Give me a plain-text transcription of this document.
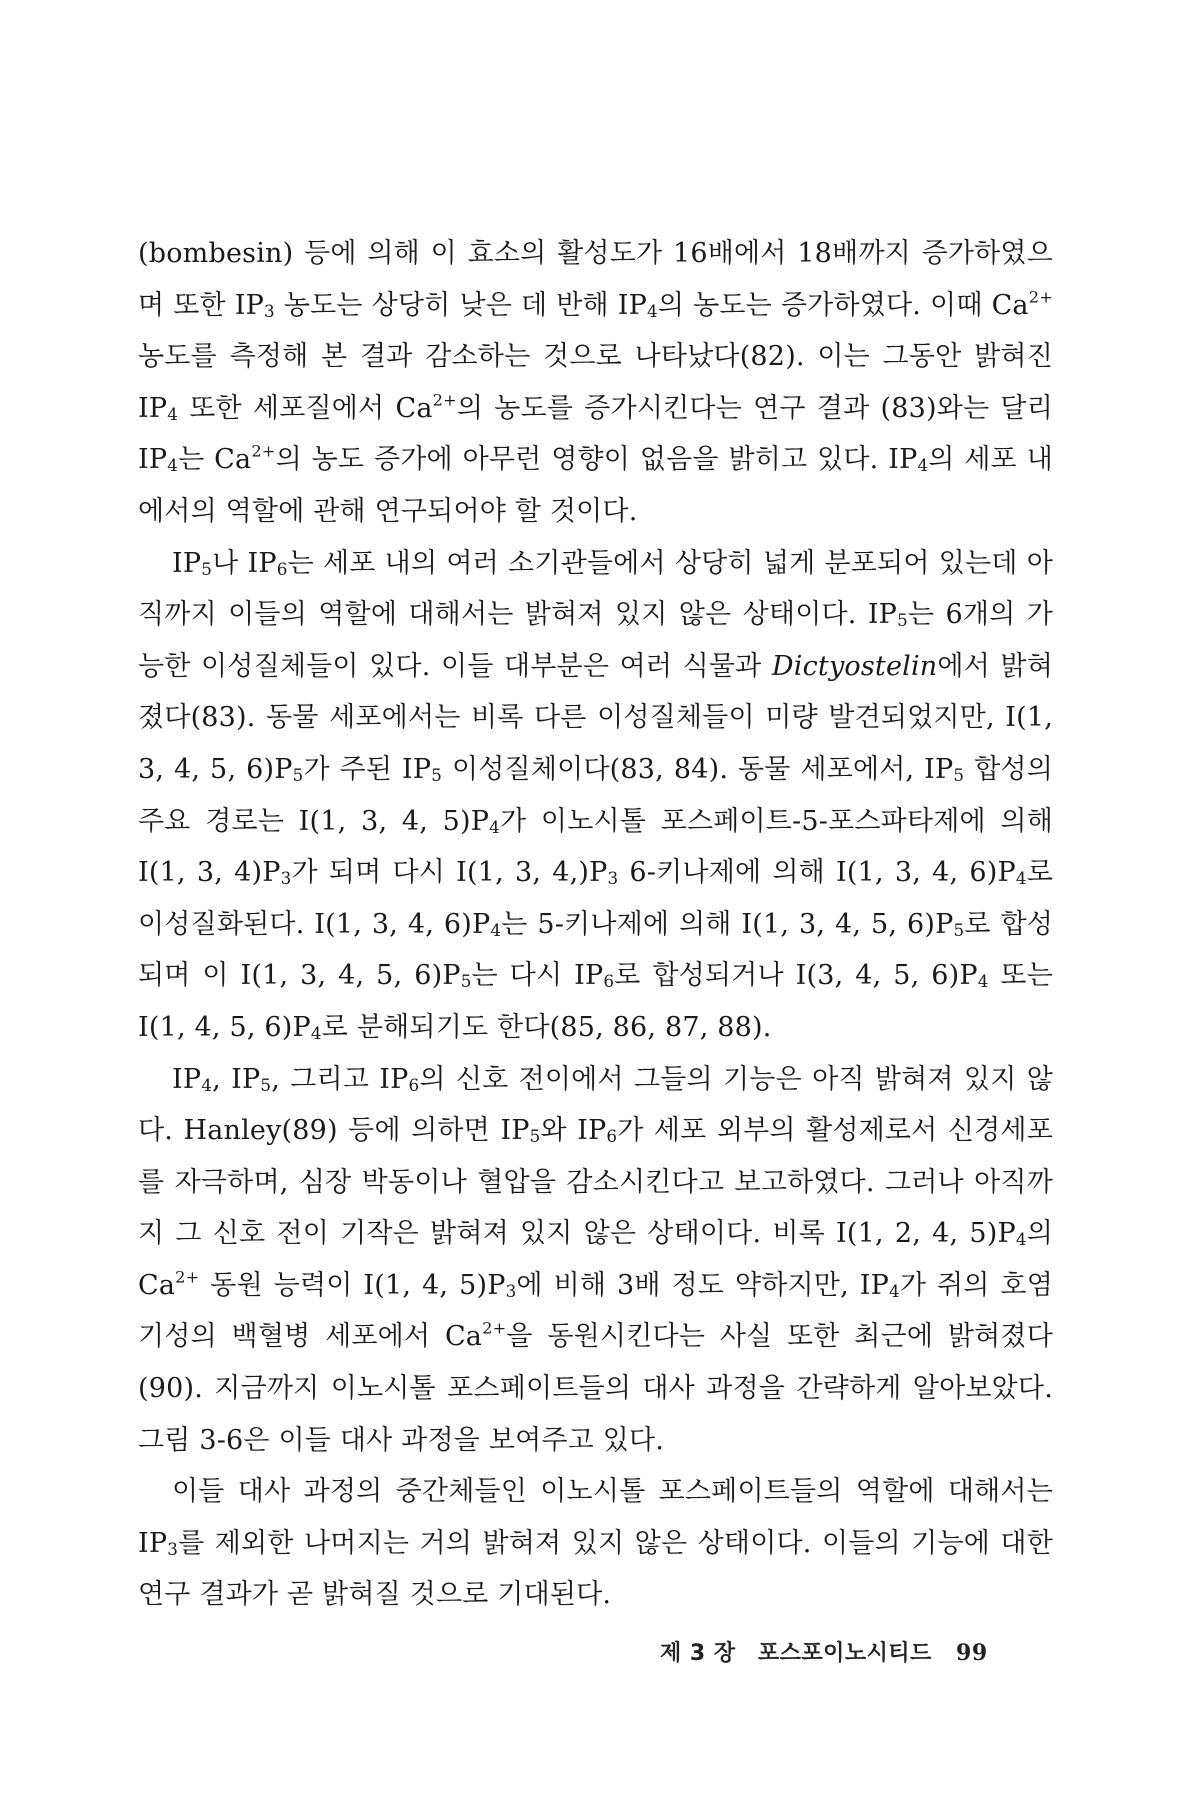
(bombesin) 등에 의해 이 효소의 활성도가 16배에서 18배까지 증가하였으며 또한 IP3 농도는 상당히 낮은 데 반해 IP4의 농도는 증가하였다. 이때 $Ca^{2+}$ 농도를 측정해 본 결과 감소하는 것으로 나타났다(82). 이는 그동안 밝혀진 IP4 또한 세포질에서 $Ca^{2+}$의 농도를 증가시킨다는 연구 결과 (83)와는 달리 IP4는 $Ca^{2+}$의 농도 증가에 아무런 영향이 없음을 밝히고 있다. IP4의 세포 내에서의 역할에 관해 연구되어야 할 것이다.

IP5나 IP6는 세포 내의 여러 소기관들에서 상당히 넓게 분포되어 있는데 아직까지 이들의 역할에 대해서는 밝혀져 있지 않은 상태이다. IP5는 6개의 가능한 이성질체들이 있다. 이들 대부분은 여러 식물과 Dictyostelin에서 밝혀졌다(83). 동물 세포에서는 비록 다른 이성질체들이 미량 발견되었지만, I(1, 3, 4, 5, 6)P5가 주된 IP5 이성질체이다(83, 84). 동물 세포에서, IP5 합성의 주요 경로는 I(1, 3, 4, 5)P4가 이노시톨 포스페이트-5-포스파타제에 의해 I(1, 3, 4)P3가 되며 다시 I(1, 3, 4,)P3 6-키나제에 의해 I(1, 3, 4, 6)P4로 이성질화된다. I(1, 3, 4, 6)P4는 5-키나제에 의해 I(1, 3, 4, 5, 6)P5로 합성되며 이 I(1, 3, 4, 5, 6)P5는 다시 IP6로 합성되거나 I(3, 4, 5, 6)P4 또는 I(1, 4, 5, 6)P4로 분해되기도 한다(85, 86, 87, 88).

IP4, IP5, 그리고 IP6의 신호 전이에서 그들의 기능은 아직 밝혀져 있지 않다. Hanley(89) 등에 의하면 IP5와 IP6가 세포 외부의 활성제로서 신경세포를 자극하며, 심장 박동이나 혈압을 감소시킨다고 보고하였다. 그러나 아직까지 그 신호 전이 기작은 밝혀져 있지 않은 상태이다. 비록 I(1, 2, 4, 5)P4의 $Ca^{2+}$ 동원 능력이 I(1, 4, 5)P3에 비해 3배 정도 약하지만, IP4가 쥐의 호염기성의 백혈병 세포에서 $Ca^{2+}$을 동원시킨다는 사실 또한 최근에 밝혀졌다(90). 지금까지 이노시톨 포스페이트들의 대사 과정을 간략하게 알아보았다. 그림 3-6은 이들 대사 과정을 보여주고 있다.

이들 대사 과정의 중간체들인 이노시톨 포스페이트들의 역할에 대해서는 IP3를 제외한 나머지는 거의 밝혀져 있지 않은 상태이다. 이들의 기능에 대한 연구 결과가 곧 밝혀질 것으로 기대된다.

제 3 장 포스포이노시티드 99
